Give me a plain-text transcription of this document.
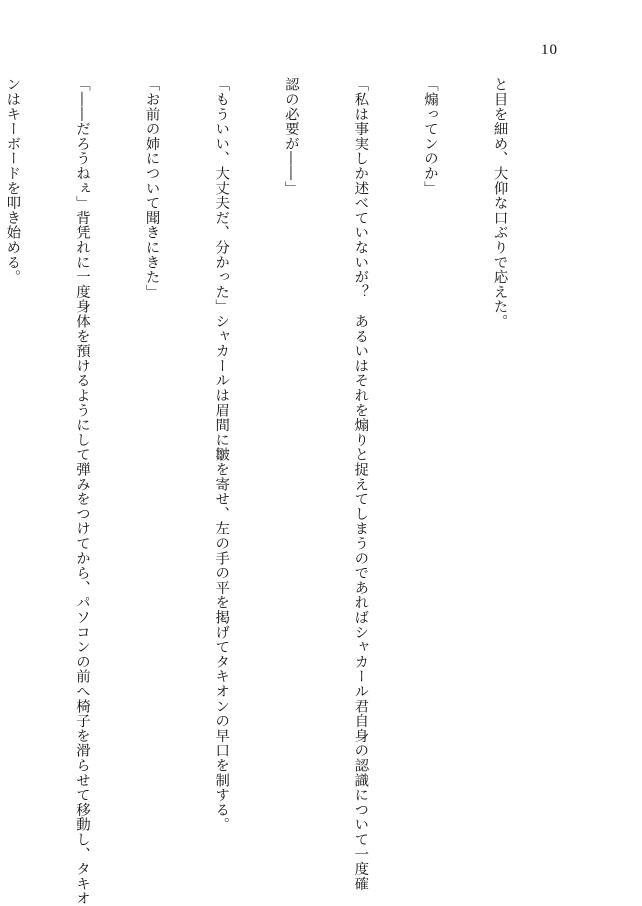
10

と目を細め、大仰な口ぶりで応えた。

「煽ってンのか」

「私は事実しか述べていないが？　あるいはそれを煽りと捉えてしまうのであればシャカール君自身の認識について一度確

認の必要が――」

「もういい、大丈夫だ、分かった」シャカールは眉間に皺を寄せ、左の手の平を掲げてタキオンの早口を制する。

「お前の姉について聞きにきた」

「――だろうねぇ」背凭れに一度身体を預けるようにして弾みをつけてから、パソコンの前へ椅子を滑らせて移動し、タキオ

ンはキーボードを叩き始める。
